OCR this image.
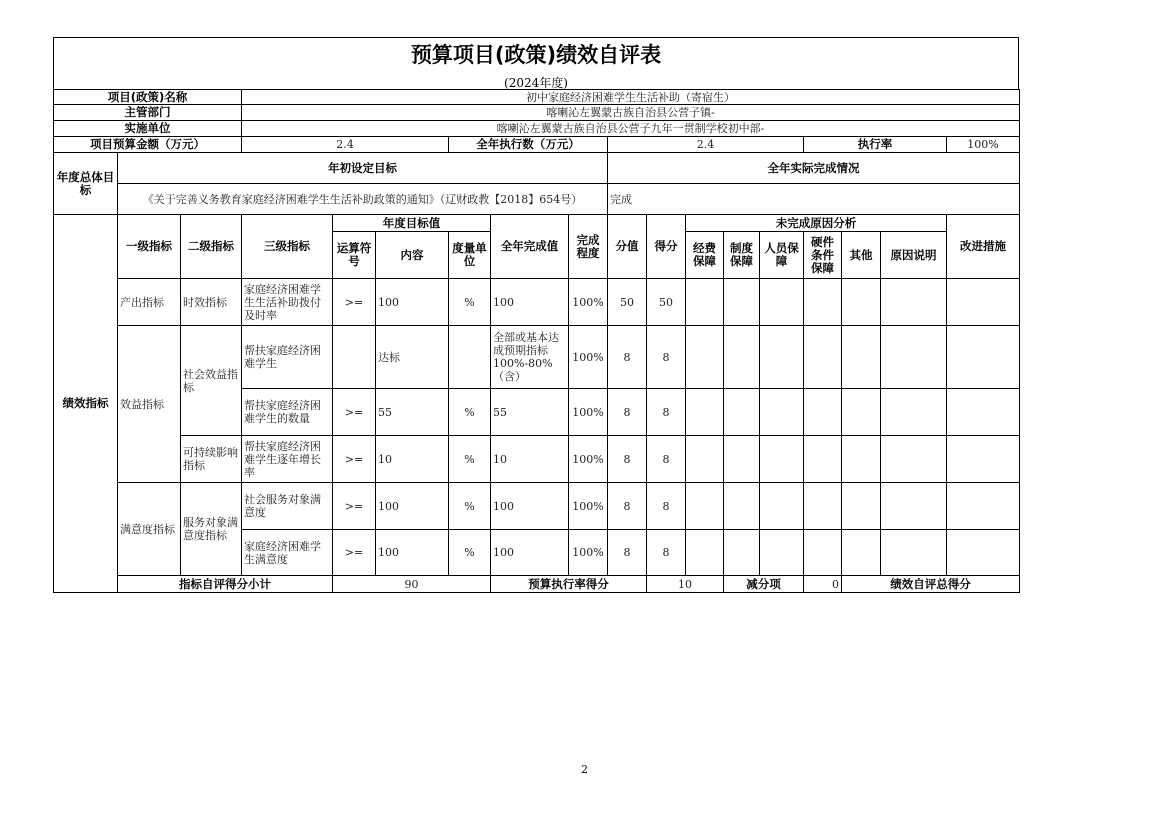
预算项目(政策)绩效自评表
(2024年度)
项目(政策)名称			初中家庭经济困难学生生活补助（寄宿生）															
主管部门			喀喇沁左翼蒙古族自治县公营子镇-															
实施单位			喀喇沁左翼蒙古族自治县公营子九年一贯制学校初中部-															
项目预算金额（万元）			2.4			全年执行数（万元）			2.4					执行率			100%	
年度总体目标	年初设定目标								全年实际完成情况									
	《关于完善义务教育家庭经济困难学生生活补助政策的通知》（辽财政教【2018】654号）								完成									
绩效指标	一级指标	二级指标	三级指标	年度目标值			全年完成值	完成程度	分值	得分	未完成原因分析						改进措施	
				运算符号	内容	度量单位					经费保障	制度保障	人员保障	硬件条件保障	其他	原因说明		
	产出指标	时效指标	家庭经济困难学生生活补助拨付及时率	>=	100	%	100	100%	50	50								
	效益指标	社会效益指标	帮扶家庭经济困难学生		达标		全部或基本达成预期指标100%-80%（含）	100%	8	8								
			帮扶家庭经济困难学生的数量	>=	55	%	55	100%	8	8								
		可持续影响指标	帮扶家庭经济困难学生逐年增长率	>=	10	%	10	100%	8	8								
	满意度指标	服务对象满意度指标	社会服务对象满意度	>=	100	%	100	100%	8	8								
			家庭经济困难学生满意度	>=	100	%	100	100%	8	8								
	指标自评得分小计			90			预算执行率得分			10		减分项		0	绩效自评总得分	
2
